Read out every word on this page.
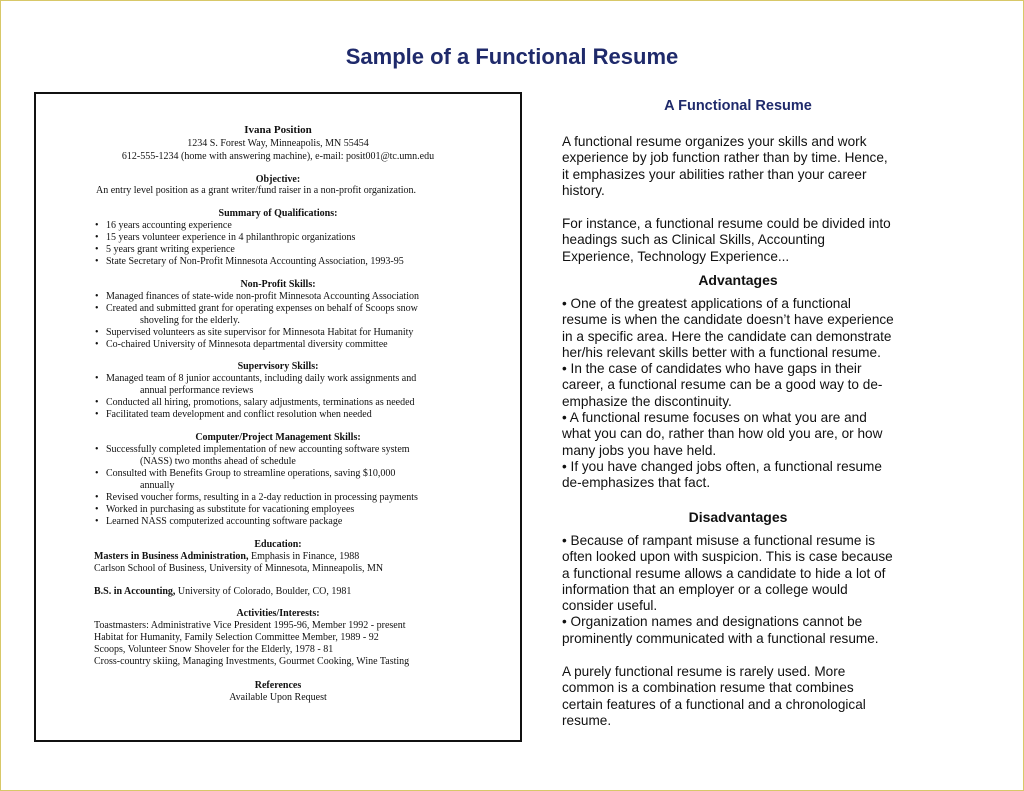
Sample of a Functional Resume
Ivana Position
1234 S. Forest Way, Minneapolis, MN 55454
612-555-1234 (home with answering machine), e-mail: posit001@tc.umn.edu
Objective:
An entry level position as a grant writer/fund raiser in a non-profit organization.
Summary of Qualifications:
• 16 years accounting experience
• 15 years volunteer experience in 4 philanthropic organizations
• 5 years grant writing experience
• State Secretary of Non-Profit Minnesota Accounting Association, 1993-95
Non-Profit Skills:
• Managed finances of state-wide non-profit Minnesota Accounting Association
• Created and submitted grant for operating expenses on behalf of Scoops snow
shoveling for the elderly.
• Supervised volunteers as site supervisor for Minnesota Habitat for Humanity
• Co-chaired University of Minnesota departmental diversity committee
Supervisory Skills:
• Managed team of 8 junior accountants, including daily work assignments and
annual performance reviews
• Conducted all hiring, promotions, salary adjustments, terminations as needed
• Facilitated team development and conflict resolution when needed
Computer/Project Management Skills:
• Successfully completed implementation of new accounting software system
(NASS) two months ahead of schedule
• Consulted with Benefits Group to streamline operations, saving $10,000
annually
• Revised voucher forms, resulting in a 2-day reduction in processing payments
• Worked in purchasing as substitute for vacationing employees
• Learned NASS computerized accounting software package
Education:
Masters in Business Administration, Emphasis in Finance, 1988
Carlson School of Business, University of Minnesota, Minneapolis, MN
B.S. in Accounting, University of Colorado, Boulder, CO, 1981
Activities/Interests:
Toastmasters: Administrative Vice President 1995-96, Member 1992 - present
Habitat for Humanity, Family Selection Committee Member, 1989 - 92
Scoops, Volunteer Snow Shoveler for the Elderly, 1978 - 81
Cross-country skiing, Managing Investments, Gourmet Cooking, Wine Tasting
References
Available Upon Request
A Functional Resume
A functional resume organizes your skills and work
experience by job function rather than by time. Hence,
it emphasizes your abilities rather than your career
history.
For instance, a functional resume could be divided into
headings such as Clinical Skills, Accounting
Experience, Technology Experience...
Advantages
• One of the greatest applications of a functional
resume is when the candidate doesn’t have experience
in a specific area. Here the candidate can demonstrate
her/his relevant skills better with a functional resume.
• In the case of candidates who have gaps in their
career, a functional resume can be a good way to de-
emphasize the discontinuity.
• A functional resume focuses on what you are and
what you can do, rather than how old you are, or how
many jobs you have held.
• If you have changed jobs often, a functional resume
de-emphasizes that fact.
Disadvantages
• Because of rampant misuse a functional resume is
often looked upon with suspicion. This is case because
a functional resume allows a candidate to hide a lot of
information that an employer or a college would
consider useful.
• Organization names and designations cannot be
prominently communicated with a functional resume.
A purely functional resume is rarely used. More
common is a combination resume that combines
certain features of a functional and a chronological
resume.
